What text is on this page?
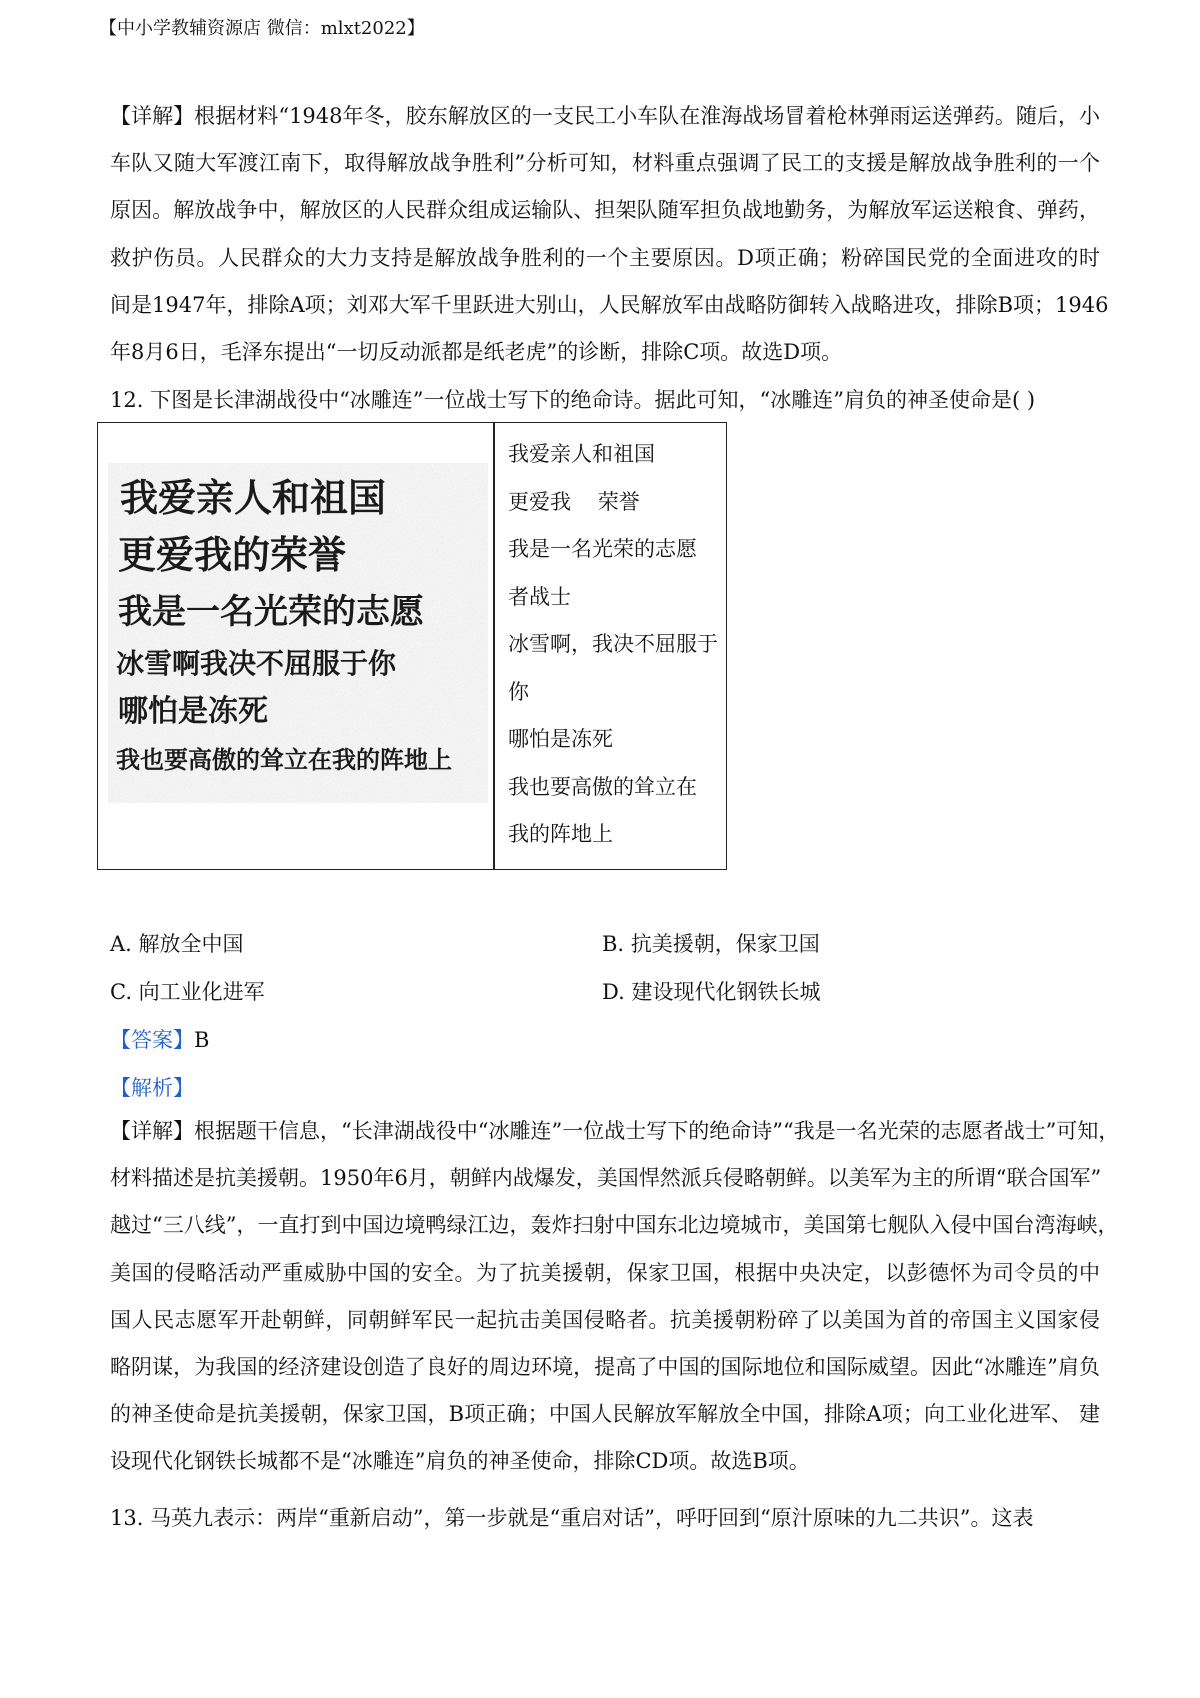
【中小学教辅资源店 微信：mlxt2022】
【详解】根据材料“1948年冬，胶东解放区的一支民工小车队在淮海战场冒着枪林弹雨运送弹药。随后，小
车队又随大军渡江南下，取得解放战争胜利”分析可知，材料重点强调了民工的支援是解放战争胜利的一个
原因。解放战争中，解放区的人民群众组成运输队、担架队随军担负战地勤务，为解放军运送粮食、弹药，
救护伤员。人民群众的大力支持是解放战争胜利的一个主要原因。D项正确；粉碎国民党的全面进攻的时
间是1947年，排除A项；刘邓大军千里跃进大别山，人民解放军由战略防御转入战略进攻，排除B项；1946
年8月6日，毛泽东提出“一切反动派都是纸老虎”的诊断，排除C项。故选D项。
12. 下图是长津湖战役中“冰雕连”一位战士写下的绝命诗。据此可知，“冰雕连”肩负的神圣使命是( )
我爱亲人和祖国
更爱我的荣誉
我是一名光荣的志愿
冰雪啊我决不屈服于你
哪怕是冻死
我也要高傲的耸立在我的阵地上
我爱亲人和祖国
更爱我    荣誉
我是一名光荣的志愿
者战士
冰雪啊，我决不屈服于
你
哪怕是冻死
我也要高傲的耸立在
我的阵地上
A. 解放全中国	B. 抗美援朝，保家卫国
C. 向工业化进军	D. 建设现代化钢铁长城
【答案】B
【解析】
【详解】根据题干信息，“长津湖战役中“冰雕连”一位战士写下的绝命诗”“我是一名光荣的志愿者战士”可知，
材料描述是抗美援朝。1950年6月，朝鲜内战爆发，美国悍然派兵侵略朝鲜。以美军为主的所谓“联合国军”
越过“三八线”，一直打到中国边境鸭绿江边，轰炸扫射中国东北边境城市，美国第七舰队入侵中国台湾海峡，
美国的侵略活动严重威胁中国的安全。为了抗美援朝，保家卫国，根据中央决定，以彭德怀为司令员的中
国人民志愿军开赴朝鲜，同朝鲜军民一起抗击美国侵略者。抗美援朝粉碎了以美国为首的帝国主义国家侵
略阴谋，为我国的经济建设创造了良好的周边环境，提高了中国的国际地位和国际威望。因此“冰雕连”肩负
的神圣使命是抗美援朝，保家卫国，B项正确；中国人民解放军解放全中国，排除A项；向工业化进军、 建
设现代化钢铁长城都不是“冰雕连”肩负的神圣使命，排除CD项。故选B项。
13. 马英九表示：两岸“重新启动”，第一步就是“重启对话”，呼吁回到“原汁原味的九二共识”。这表
